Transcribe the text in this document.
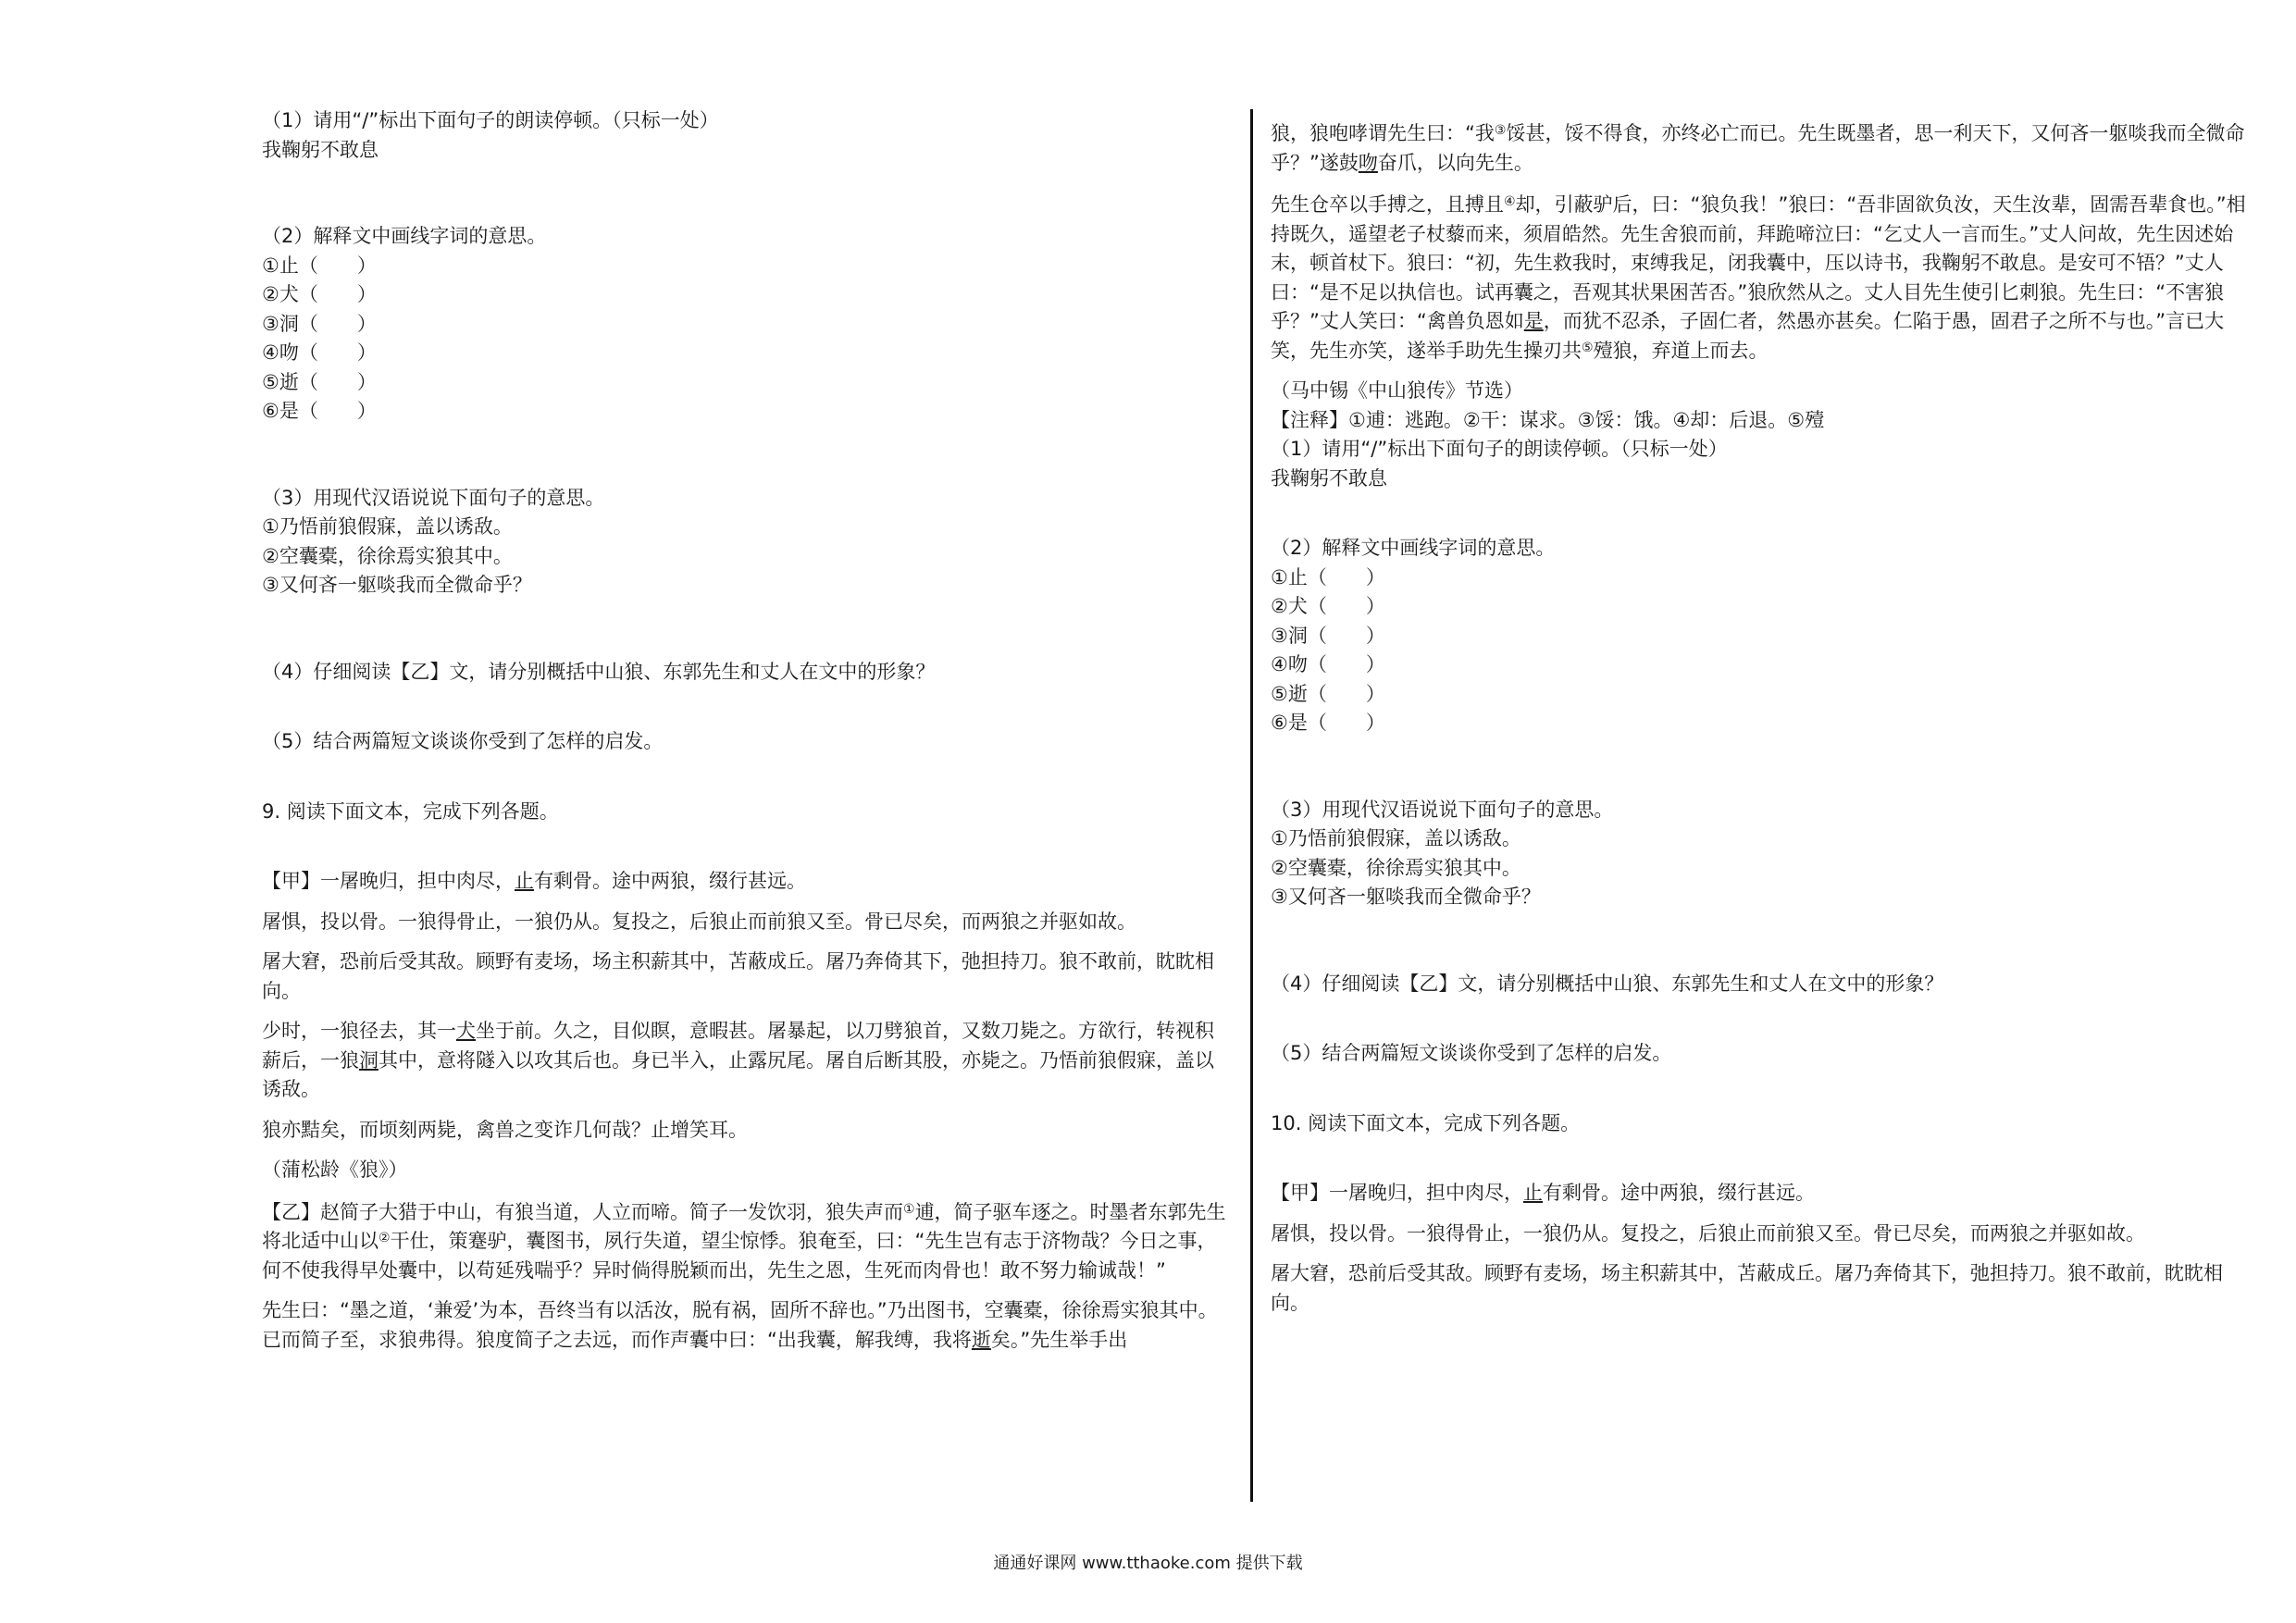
（1）请用“/”标出下面句子的朗读停顿。（只标一处）
我鞠躬不敢息
（2）解释文中画线字词的意思。
①止（　　）
②犬（　　）
③洞（　　）
④吻（　　）
⑤逝（　　）
⑥是（　　）
（3）用现代汉语说说下面句子的意思。
①乃悟前狼假寐，盖以诱敌。
②空囊橐，徐徐焉实狼其中。
③又何吝一躯啖我而全微命乎？
（4）仔细阅读【乙】文，请分别概括中山狼、东郭先生和丈人在文中的形象？
（5）结合两篇短文谈谈你受到了怎样的启发。
9. 阅读下面文本，完成下列各题。

【甲】一屠晚归，担中肉尽，止有剩骨。途中两狼，缀行甚远。

屠惧，投以骨。一狼得骨止，一狼仍从。复投之，后狼止而前狼又至。骨已尽矣，而两狼之并驱如故。

屠大窘，恐前后受其敌。顾野有麦场，场主积薪其中，苫蔽成丘。屠乃奔倚其下，弛担持刀。狼不敢前，眈眈相向。

少时，一狼径去，其一犬坐于前。久之，目似瞑，意暇甚。屠暴起，以刀劈狼首，又数刀毙之。方欲行，转视积薪后，一狼洞其中，意将隧入以攻其后也。身已半入，止露尻尾。屠自后断其股，亦毙之。乃悟前狼假寐，盖以诱敌。

狼亦黠矣，而顷刻两毙，禽兽之变诈几何哉？止增笑耳。

（蒲松龄《狼》）

【乙】赵简子大猎于中山，有狼当道，人立而啼。简子一发饮羽，狼失声而①逋，简子驱车逐之。时墨者东郭先生将北适中山以②干仕，策蹇驴，囊图书，夙行失道，望尘惊悸。狼奄至，曰：“先生岂有志于济物哉？今日之事，何不使我得早处囊中，以苟延残喘乎？异时倘得脱颖而出，先生之恩，生死而肉骨也！敢不努力输诚哉！”

先生曰：“墨之道，‘兼爱’为本，吾终当有以活汝，脱有祸，固所不辞也。”乃出图书，空囊橐，徐徐焉实狼其中。已而简子至，求狼弗得。狼度简子之去远，而作声囊中曰：“出我囊，解我缚，我将逝矣。”先生举手出

狼，狼咆哮谓先生曰：“我③馁甚，馁不得食，亦终必亡而已。先生既墨者，思一利天下，又何吝一躯啖我而全微命乎？”遂鼓吻奋爪，以向先生。

先生仓卒以手搏之，且搏且④却，引蔽驴后，曰：“狼负我！”狼曰：“吾非固欲负汝，天生汝辈，固需吾辈食也。”相持既久，遥望老子杖藜而来，须眉皓然。先生舍狼而前，拜跪啼泣曰：“乞丈人一言而生。”丈人问故，先生因述始末，顿首杖下。狼曰：“初，先生救我时，束缚我足，闭我囊中，压以诗书，我鞠躬不敢息。是安可不啎？”丈人曰：“是不足以执信也。试再囊之，吾观其状果困苦否。”狼欣然从之。丈人目先生使引匕刺狼。先生曰：“不害狼乎？”丈人笑曰：“禽兽负恩如是，而犹不忍杀，子固仁者，然愚亦甚矣。仁陷于愚，固君子之所不与也。”言已大笑，先生亦笑，遂举手助先生操刃共⑤殪狼，弃道上而去。

（马中锡《中山狼传》节选）
【注释】①逋：逃跑。②干：谋求。③馁：饿。④却：后退。⑤殪
（1）请用“/”标出下面句子的朗读停顿。（只标一处）
我鞠躬不敢息
（2）解释文中画线字词的意思。
①止（　　）
②犬（　　）
③洞（　　）
④吻（　　）
⑤逝（　　）
⑥是（　　）
（3）用现代汉语说说下面句子的意思。
①乃悟前狼假寐，盖以诱敌。
②空囊橐，徐徐焉实狼其中。
③又何吝一躯啖我而全微命乎？
（4）仔细阅读【乙】文，请分别概括中山狼、东郭先生和丈人在文中的形象？
（5）结合两篇短文谈谈你受到了怎样的启发。
10. 阅读下面文本，完成下列各题。

【甲】一屠晚归，担中肉尽，止有剩骨。途中两狼，缀行甚远。

屠惧，投以骨。一狼得骨止，一狼仍从。复投之，后狼止而前狼又至。骨已尽矣，而两狼之并驱如故。

屠大窘，恐前后受其敌。顾野有麦场，场主积薪其中，苫蔽成丘。屠乃奔倚其下，弛担持刀。狼不敢前，眈眈相向。

通通好课网 www.tthaoke.com 提供下载
